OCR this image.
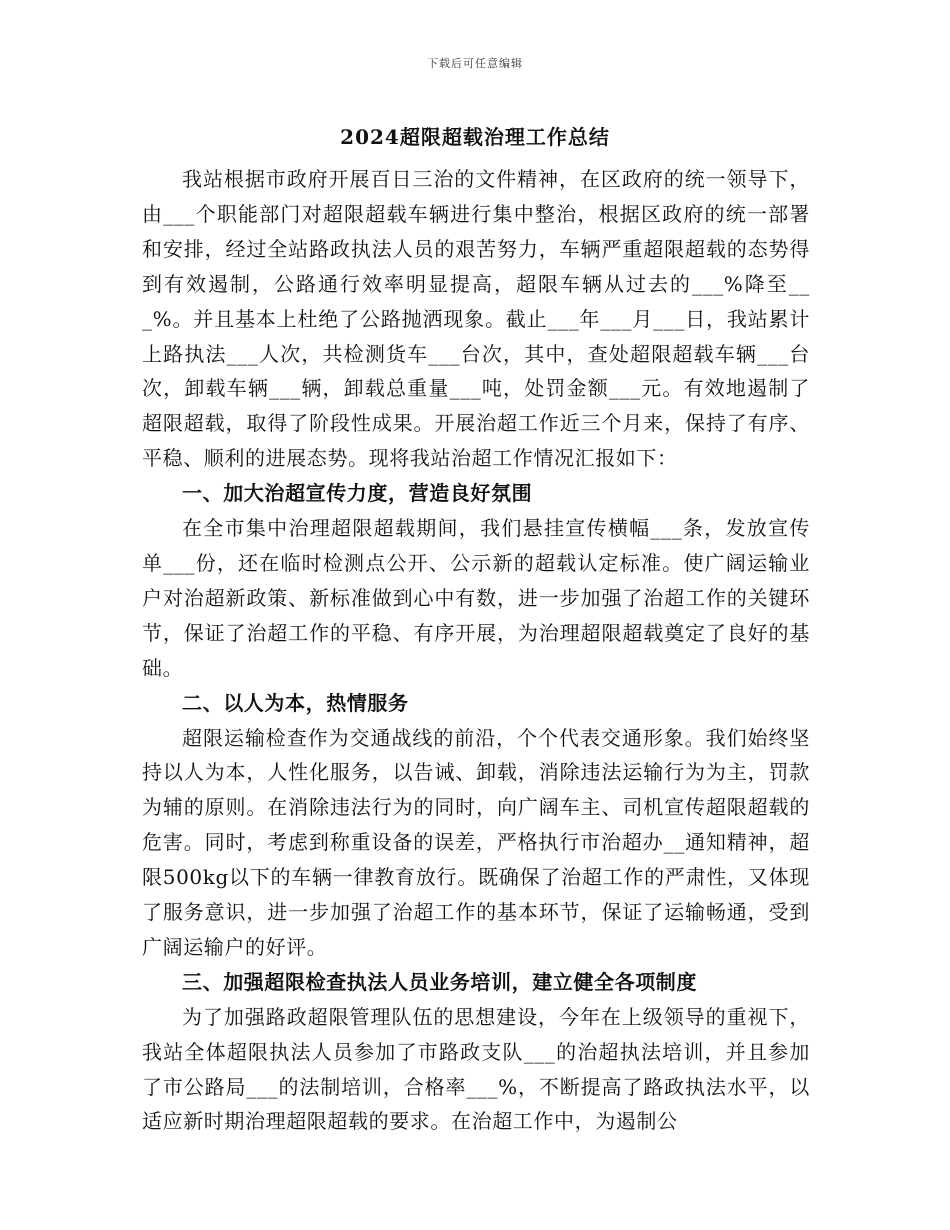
下载后可任意编辑
2024超限超载治理工作总结

我站根据市政府开展百日三治的文件精神，在区政府的统一领导下，由___个职能部门对超限超载车辆进行集中整治，根据区政府的统一部署和安排，经过全站路政执法人员的艰苦努力，车辆严重超限超载的态势得到有效遏制，公路通行效率明显提高，超限车辆从过去的___%降至___%。并且基本上杜绝了公路抛洒现象。截止___年___月___日，我站累计上路执法___人次，共检测货车___台次，其中，查处超限超载车辆___台次，卸载车辆___辆，卸载总重量___吨，处罚金额___元。有效地遏制了超限超载，取得了阶段性成果。开展治超工作近三个月来，保持了有序、平稳、顺利的进展态势。现将我站治超工作情况汇报如下：

一、加大治超宣传力度，营造良好氛围

在全市集中治理超限超载期间，我们悬挂宣传横幅___条，发放宣传单___份，还在临时检测点公开、公示新的超载认定标准。使广阔运输业户对治超新政策、新标准做到心中有数，进一步加强了治超工作的关键环节，保证了治超工作的平稳、有序开展，为治理超限超载奠定了良好的基础。

二、以人为本，热情服务

超限运输检查作为交通战线的前沿，个个代表交通形象。我们始终坚持以人为本，人性化服务，以告诫、卸载，消除违法运输行为为主，罚款为辅的原则。在消除违法行为的同时，向广阔车主、司机宣传超限超载的危害。同时，考虑到称重设备的误差，严格执行市治超办__通知精神，超限500kg以下的车辆一律教育放行。既确保了治超工作的严肃性，又体现了服务意识，进一步加强了治超工作的基本环节，保证了运输畅通，受到广阔运输户的好评。

三、加强超限检查执法人员业务培训，建立健全各项制度

为了加强路政超限管理队伍的思想建设，今年在上级领导的重视下，我站全体超限执法人员参加了市路政支队___的治超执法培训，并且参加了市公路局___的法制培训，合格率___%，不断提高了路政执法水平，以适应新时期治理超限超载的要求。在治超工作中，为遏制公
